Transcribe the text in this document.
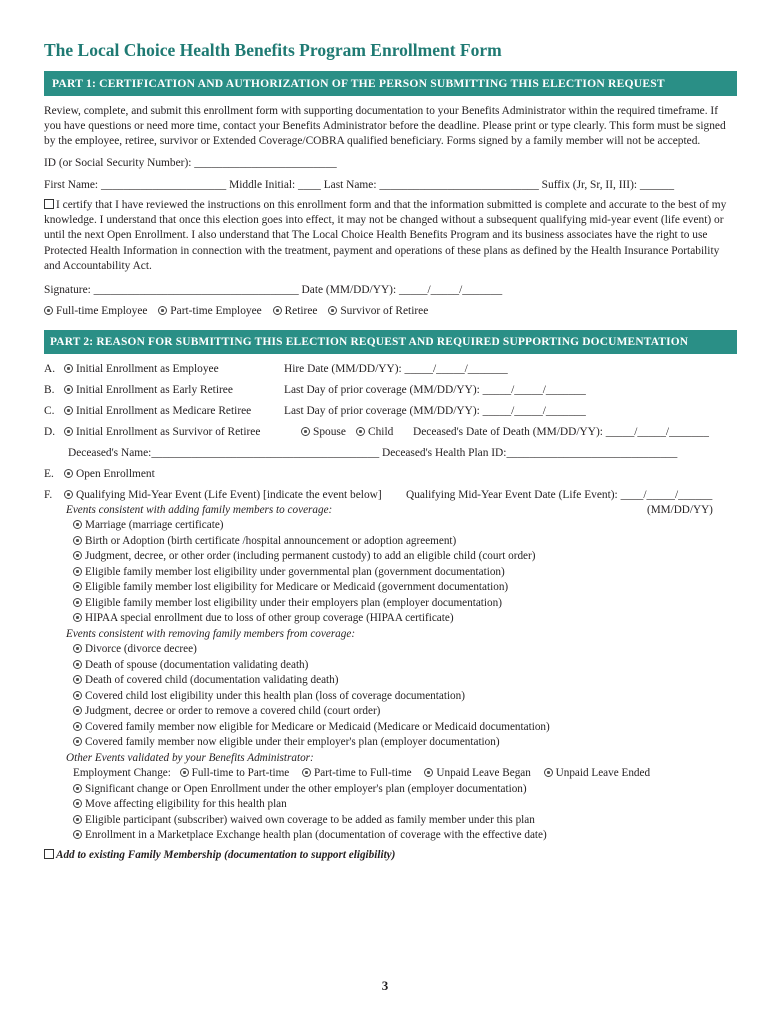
The Local Choice Health Benefits Program Enrollment Form
PART 1: CERTIFICATION AND AUTHORIZATION OF THE PERSON SUBMITTING THIS ELECTION REQUEST

Review, complete, and submit this enrollment form with supporting documentation to your Benefits Administrator within the required timeframe. If you have questions or need more time, contact your Benefits Administrator before the deadline. Please print or type clearly. This form must be signed by the employee, retiree, survivor or Extended Coverage/COBRA qualified beneficiary. Forms signed by a family member will not be accepted.

ID (or Social Security Number): _________________________
First Name: ______________________ Middle Initial: ____ Last Name: ____________________________ Suffix (Jr, Sr, II, III): ______

I certify that I have reviewed the instructions on this enrollment form and that the information submitted is complete and accurate to the best of my knowledge. I understand that once this election goes into effect, it may not be changed without a subsequent qualifying mid-year event (life event) or until the next Open Enrollment. I also understand that The Local Choice Health Benefits Program and its business associates have the right to use Protected Health Information in connection with the treatment, payment and operations of these plans as defined by the Health Insurance Portability and Accountability Act.

Signature: ____________________________________ Date (MM/DD/YY): _____/_____/_______
Full-time Employee Part-time Employee Retiree Survivor of Retiree
PART 2: REASON FOR SUBMITTING THIS ELECTION REQUEST AND REQUIRED SUPPORTING DOCUMENTATION
A.	Initial Enrollment as Employee	Hire Date (MM/DD/YY): _____/_____/_______
B.	Initial Enrollment as Early Retiree	Last Day of prior coverage (MM/DD/YY): _____/_____/_______
C.	Initial Enrollment as Medicare Retiree	Last Day of prior coverage (MM/DD/YY): _____/_____/_______
D.	Initial Enrollment as Survivor of Retiree	Spouse	Child Deceased's Date of Death (MM/DD/YY): _____/_____/_______
Deceased's Name:________________________________________ Deceased's Health Plan ID:______________________________
E.	Open Enrollment
F.	Qualifying Mid-Year Event (Life Event) [indicate the event below] Qualifying Mid-Year Event Date (Life Event): ____/_____/______
Events consistent with adding family members to coverage:	(MM/DD/YY)
Marriage (marriage certificate)
Birth or Adoption (birth certificate /hospital announcement or adoption agreement)
Judgment, decree, or other order (including permanent custody) to add an eligible child (court order)
Eligible family member lost eligibility under governmental plan (government documentation)
Eligible family member lost eligibility for Medicare or Medicaid (government documentation)
Eligible family member lost eligibility under their employers plan (employer documentation)
HIPAA special enrollment due to loss of other group coverage (HIPAA certificate)
Events consistent with removing family members from coverage:
Divorce (divorce decree)
Death of spouse (documentation validating death)
Death of covered child (documentation validating death)
Covered child lost eligibility under this health plan (loss of coverage documentation)
Judgment, decree or order to remove a covered child (court order)
Covered family member now eligible for Medicare or Medicaid (Medicare or Medicaid documentation)
Covered family member now eligible under their employer's plan (employer documentation)
Other Events validated by your Benefits Administrator:
Employment Change: Full-time to Part-time Part-time to Full-time Unpaid Leave Began Unpaid Leave Ended
Significant change or Open Enrollment under the other employer's plan (employer documentation)
Move affecting eligibility for this health plan
Eligible participant (subscriber) waived own coverage to be added as family member under this plan
Enrollment in a Marketplace Exchange health plan (documentation of coverage with the effective date)
Add to existing Family Membership (documentation to support eligibility)
3
